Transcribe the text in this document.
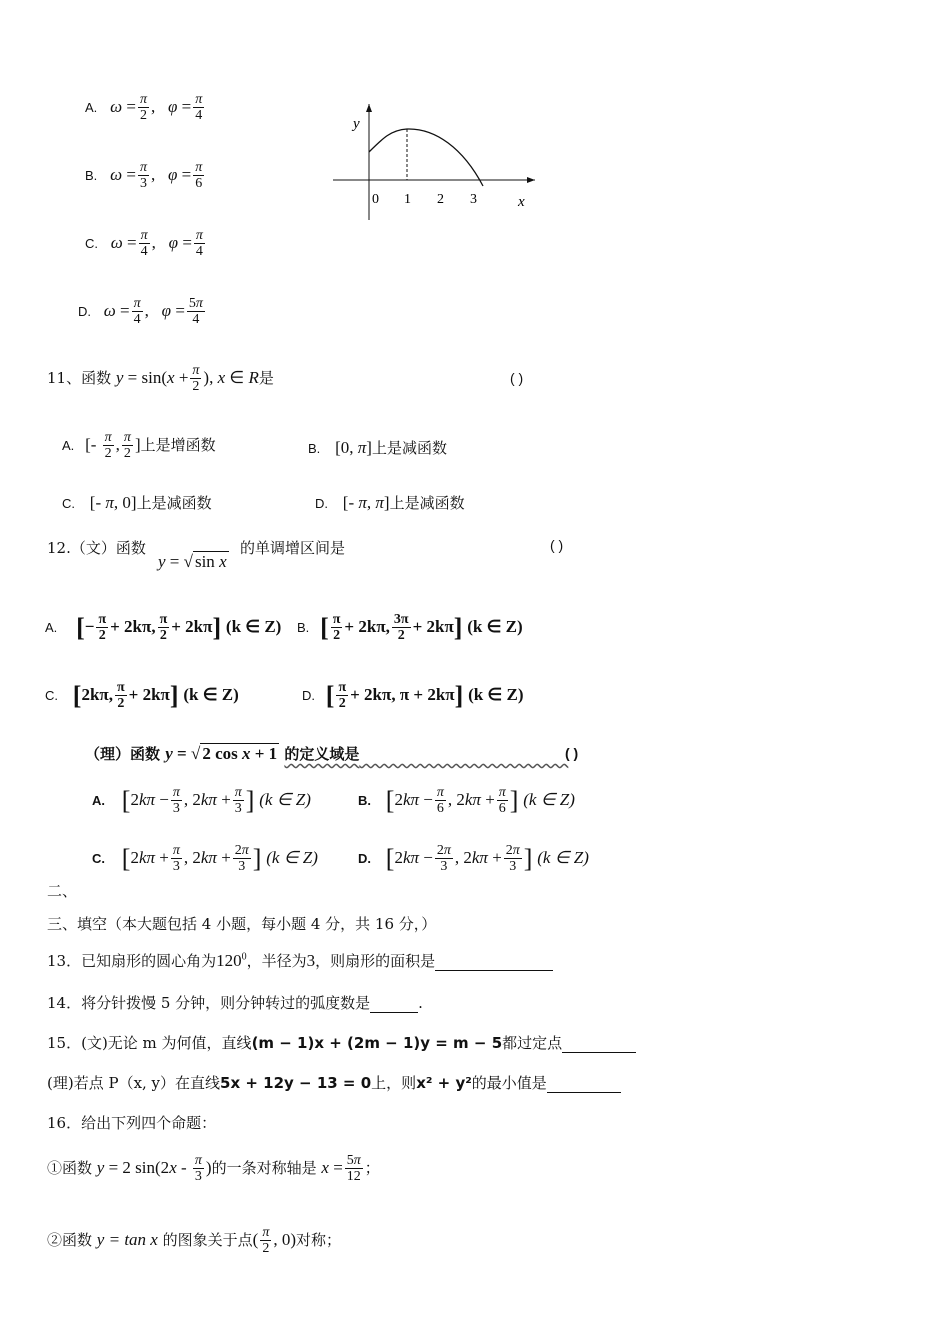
A. $\omega = \frac{\pi}{2}$ ,   $\varphi = \frac{\pi}{4}$
B. $\omega = \frac{\pi}{3}$ ,   $\varphi = \frac{\pi}{6}$
C. $\omega = \frac{\pi}{4}$ ,   $\varphi = \frac{\pi}{4}$
D. $\omega = \frac{\pi}{4}$ ,   $\varphi = \frac{5\pi}{4}$
y
x
0 1 2 3
11、函数 $y = \sin(x + \frac{\pi}{2}$ ), x ∈ R是	( )
A. [- $\frac{\pi}{2}$ , $\frac{\pi}{2}$ ]上是增函数	B. [0, π]上是减函数
C. [- π, 0]上是减函数	D. [- π, π]上是减函数
12.（文）函数
y = √ sin x
的单调增区间是	( )
A. [− $\frac{\pi}{2} + 2k\pi$, $\frac{\pi}{2} + 2k\pi$] (k ∈ Z) B. [ $\frac{\pi}{2} + 2k\pi$, $\frac{3\pi}{2} + 2k\pi$] (k ∈ Z)
C. [2kπ, $\frac{\pi}{2} + 2k\pi$] (k ∈ Z)	D. [ $\frac{\pi}{2} + 2k\pi$, π + 2kπ] (k ∈ Z)
（理）函数 y = √ 2 cos x + 1 的定义域是	( )
A. [$2k\pi - \frac{\pi}{3}$ , $2k\pi + \frac{\pi}{3}$ ] (k ∈ Z)	B. [$2k\pi - \frac{\pi}{6}$ , $2k\pi + \frac{\pi}{6}$ ] (k ∈ Z)
C. [$2k\pi + \frac{\pi}{3}$ , $2k\pi + \frac{2\pi}{3}$ ] (k ∈ Z)	D. [$2k\pi - \frac{2\pi}{3}$ , $2k\pi + \frac{2\pi}{3}$ ] (k ∈ Z)
二、
三、填空（本大题包括 4 小题，每小题 4 分，共 16 分，）
13．已知扇形的圆心角为$120^0$，半径为3，则扇形的面积是
14．将分针拨慢 5 分钟，则分钟转过的弧度数是	.
15．(文)无论 m 为何值，直线(m − 1)x + (2m − 1)y = m − 5都过定点
(理)若点 P（x, y）在直线5x + 12y − 13 = 0上，则x² + y²的最小值是
16．给出下列四个命题：
①函数 y = 2 $\sin(2x - \frac{\pi}{3}$ )的一条对称轴是 $x = \frac{5\pi}{12}$ ；
②函数 y = tan x 的图象关于点( $\frac{\pi}{2}$ , 0)对称；
